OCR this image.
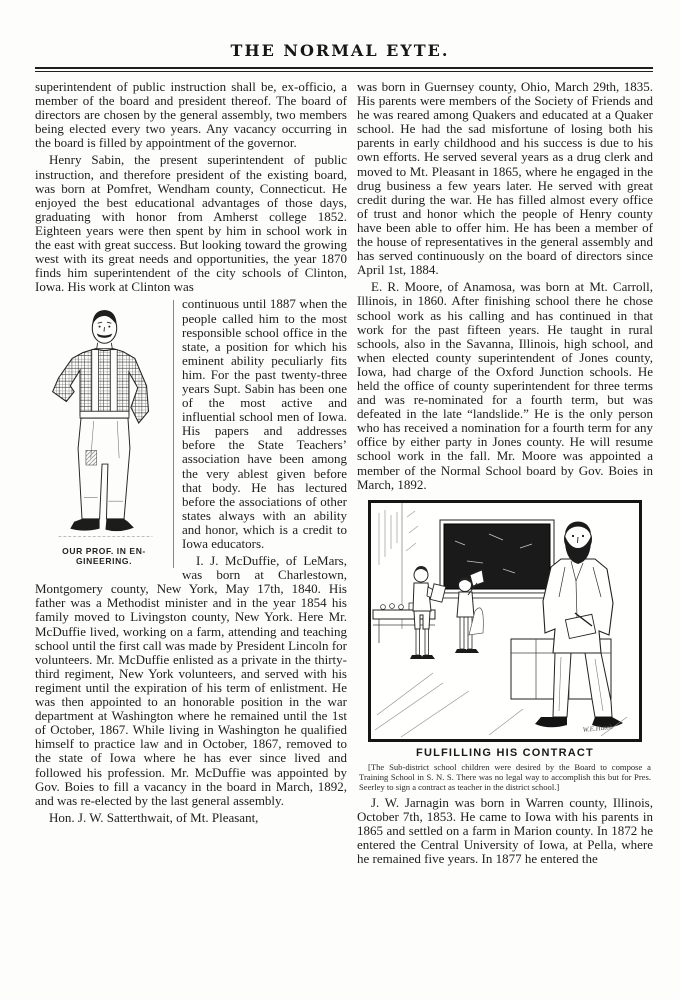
THE NORMAL EYTE.

superintendent of public instruction shall be, ex-officio, a member of the board and president thereof. The board of directors are chosen by the general assembly, two members being elected every two years. Any vacancy occurring in the board is filled by appointment of the governor.

Henry Sabin, the present superintendent of public instruction, and therefore president of the existing board, was born at Pomfret, Wendham county, Connecticut. He enjoyed the best educational advantages of those days, graduating with honor from Amherst college 1852. Eighteen years were then spent by him in school work in the east with great success. But looking toward the growing west with its great needs and opportunities, the year 1870 finds him superintendent of the city schools of Clinton, Iowa. His work at Clinton was

OUR PROF. IN EN-
GINEERING.

continuous until 1887 when the people called him to the most responsible school office in the state, a position for which his eminent ability peculiarly fits him. For the past twenty-three years Supt. Sabin has been one of the most active and influential school men of Iowa. His papers and addresses before the State Teachers’ association have been among the very ablest given before that body. He has lectured before the associations of other states always with an ability and honor, which is a credit to Iowa educators.

I. J. McDuffie, of LeMars, was born at Charlestown, Montgomery county, New York, May 17th, 1840. His father was a Methodist minister and in the year 1854 his family moved to Livingston county, New York. Here Mr. McDuffie lived, working on a farm, attending and teaching school until the first call was made by President Lincoln for volunteers. Mr. McDuffie enlisted as a private in the thirty-third regiment, New York volunteers, and served with his regiment until the expiration of his term of enlistment. He was then appointed to an honorable position in the war department at Washington where he remained until the 1st of October, 1867. While living in Washington he qualified himself to practice law and in October, 1867, removed to the state of Iowa where he has ever since lived and followed his profession. Mr. McDuffie was appointed by Gov. Boies to fill a vacancy in the board in March, 1892, and was re-elected by the last general assembly.

Hon. J. W. Satterthwait, of Mt. Pleasant,

was born in Guernsey county, Ohio, March 29th, 1835. His parents were members of the Society of Friends and he was reared among Quakers and educated at a Quaker school. He had the sad misfortune of losing both his parents in early childhood and his success is due to his own efforts. He served several years as a drug clerk and moved to Mt. Pleasant in 1865, where he engaged in the drug business a few years later. He served with great credit during the war. He has filled almost every office of trust and honor which the people of Henry county have been able to offer him. He has been a member of the house of representatives in the general assembly and has served continuously on the board of directors since April 1st, 1884.

E. R. Moore, of Anamosa, was born at Mt. Carroll, Illinois, in 1860. After finishing school there he chose school work as his calling and has continued in that work for the past fifteen years. He taught in rural schools, also in the Savanna, Illinois, high school, and when elected county superintendent of Jones county, Iowa, had charge of the Oxford Junction schools. He held the office of county superintendent for three terms and was re-nominated for a fourth term, but was defeated in the late “landslide.” He is the only person who has received a nomination for a fourth term for any office by either party in Jones county. He will resume school work in the fall. Mr. Moore was appointed a member of the Normal School board by Gov. Boies in March, 1892.

W.E.Hutch
FULFILLING HIS CONTRACT
[The Sub-district school children were desired by the Board to compose a Training School in S. N. S. There was no legal way to accomplish this but for Pres. Seerley to sign a contract as teacher in the district school.]

J. W. Jarnagin was born in Warren county, Illinois, October 7th, 1853. He came to Iowa with his parents in 1865 and settled on a farm in Marion county. In 1872 he entered the Central University of Iowa, at Pella, where he remained five years. In 1877 he entered the
